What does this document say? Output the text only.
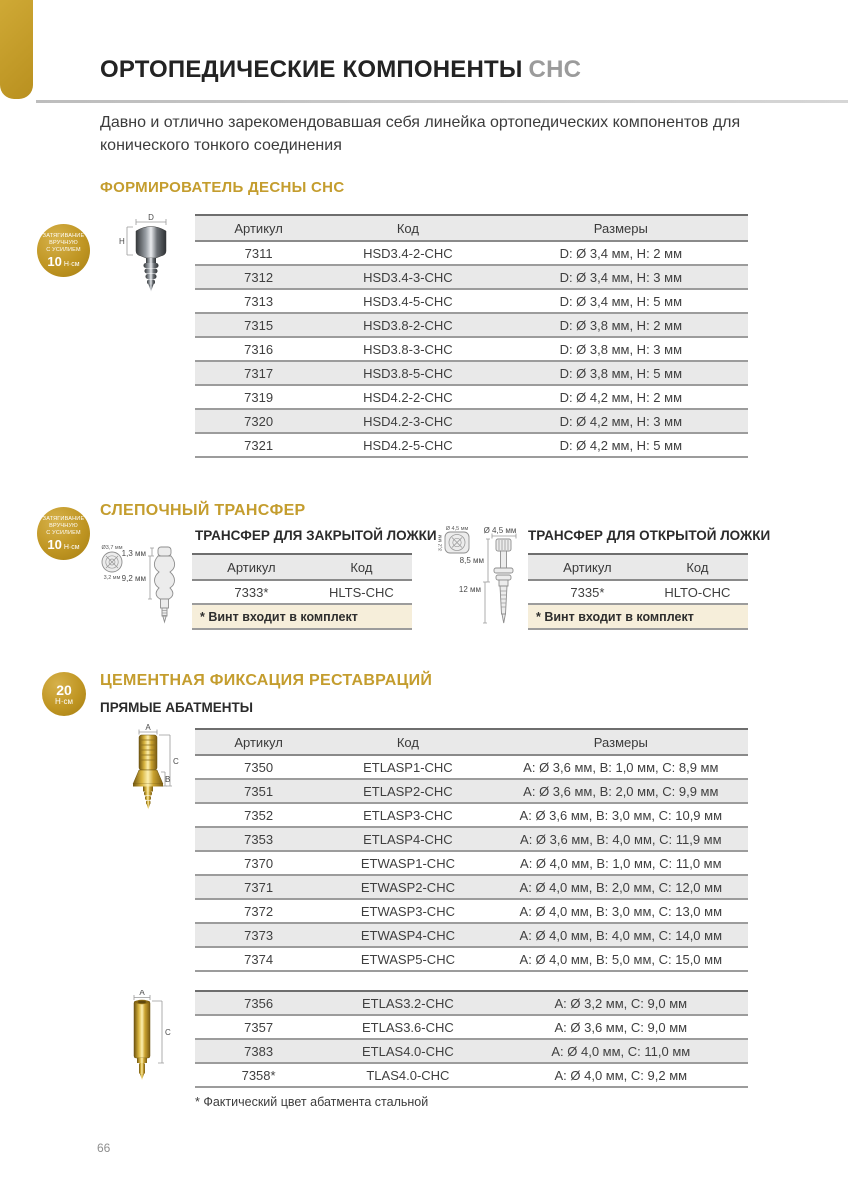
ОРТОПЕДИЧЕСКИЕ КОМПОНЕНТЫ СНС

Давно и отлично зарекомендовавшая себя линейка ортопедических компонентов для конического тонкого соединения

ФОРМИРОВАТЕЛЬ ДЕСНЫ СНС
ЗАТЯГИВАНИЕ
ВРУЧНУЮ
С УСИЛИЕМ
10 Н·см
D
H
Артикул	Код	Размеры
7311	HSD3.4-2-CHC	D: Ø 3,4 мм, H: 2 мм
7312	HSD3.4-3-CHC	D: Ø 3,4 мм, H: 3 мм
7313	HSD3.4-5-CHC	D: Ø 3,4 мм, H: 5 мм
7315	HSD3.8-2-CHC	D: Ø 3,8 мм, H: 2 мм
7316	HSD3.8-3-CHC	D: Ø 3,8 мм, H: 3 мм
7317	HSD3.8-5-CHC	D: Ø 3,8 мм, H: 5 мм
7319	HSD4.2-2-CHC	D: Ø 4,2 мм, H: 2 мм
7320	HSD4.2-3-CHC	D: Ø 4,2 мм, H: 3 мм
7321	HSD4.2-5-CHC	D: Ø 4,2 мм, H: 5 мм
СЛЕПОЧНЫЙ ТРАНСФЕР
ЗАТЯГИВАНИЕ
ВРУЧНУЮ
С УСИЛИЕМ
10 Н·см
ТРАНСФЕР ДЛЯ ЗАКРЫТОЙ ЛОЖКИ
Ø3,7 мм
3,2 мм
1,3 мм
9,2 мм
Артикул	Код
7333*	HLTS-CHC
* Винт входит в комплект
ТРАНСФЕР ДЛЯ ОТКРЫТОЙ ЛОЖКИ
Ø 4,5 мм
3,2 мм
Ø 4,5 мм
8,5 мм
12 мм
Артикул	Код
7335*	HLTO-CHC
* Винт входит в комплект
20
Н·см
ЦЕМЕНТНАЯ ФИКСАЦИЯ РЕСТАВРАЦИЙ
ПРЯМЫЕ АБАТМЕНТЫ
A
C
B
Артикул	Код	Размеры
7350	ETLASP1-CHC	A: Ø 3,6 мм, B: 1,0 мм, C: 8,9 мм
7351	ETLASP2-CHC	A: Ø 3,6 мм, B: 2,0 мм, C: 9,9 мм
7352	ETLASP3-CHC	A: Ø 3,6 мм, B: 3,0 мм, C: 10,9 мм
7353	ETLASP4-CHC	A: Ø 3,6 мм, B: 4,0 мм, C: 11,9 мм
7370	ETWASP1-CHC	A: Ø 4,0 мм, B: 1,0 мм, C: 11,0 мм
7371	ETWASP2-CHC	A: Ø 4,0 мм, B: 2,0 мм, C: 12,0 мм
7372	ETWASP3-CHC	A: Ø 4,0 мм, B: 3,0 мм, C: 13,0 мм
7373	ETWASP4-CHC	A: Ø 4,0 мм, B: 4,0 мм, C: 14,0 мм
7374	ETWASP5-CHC	A: Ø 4,0 мм, B: 5,0 мм, C: 15,0 мм
A
C
7356	ETLAS3.2-CHC	A: Ø 3,2 мм, C: 9,0 мм
7357	ETLAS3.6-CHC	A: Ø 3,6 мм, C: 9,0 мм
7383	ETLAS4.0-CHC	A: Ø 4,0 мм, C: 11,0 мм
7358*	TLAS4.0-CHC	A: Ø 4,0 мм, C: 9,2 мм
* Фактический цвет абатмента стальной
66
